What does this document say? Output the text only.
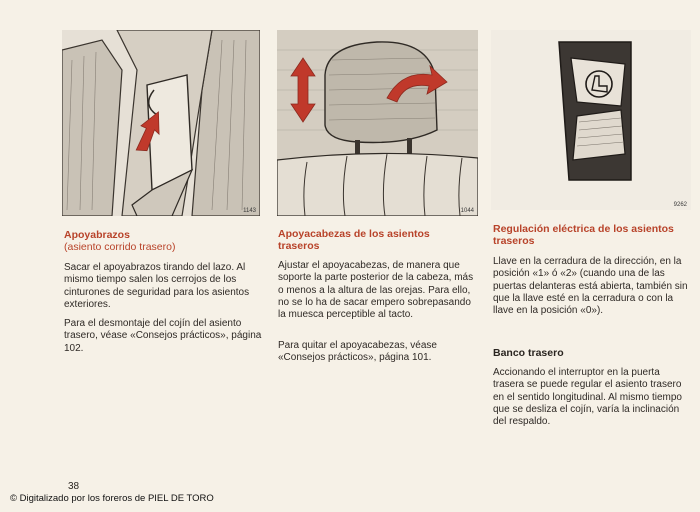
1143
Apoyabrazos

(asiento corrido trasero)

Sacar el apoyabrazos tirando del lazo. Al mismo tiempo salen los cerrojos de los cinturones de seguridad para los asientos exteriores.

Para el desmontaje del cojín del asiento trasero, véase «Consejos prácticos», página 102.

1044
Apoyacabezas de los asientos traseros

Ajustar el apoyacabezas, de manera que soporte la parte posterior de la cabeza, más o menos a la altura de las orejas. Para ello, no se lo ha de sacar empero sobrepasando la muesca perceptible al tacto.

Para quitar el apoyacabezas, véase «Consejos prácticos», página 101.

9262
Regulación eléctrica de los asientos traseros

Llave en la cerradura de la dirección, en la posición «1» ó «2» (cuando una de las puertas delanteras está abierta, también sin que la llave esté en la cerradura o con la llave en la posición «0»).

Banco trasero

Accionando el interruptor en la puerta trasera se puede regular el asiento trasero en el sentido longitudinal. Al mismo tiempo que se desliza el cojín, varía la inclinación del respaldo.

38
© Digitalizado por los foreros de PIEL DE TORO
